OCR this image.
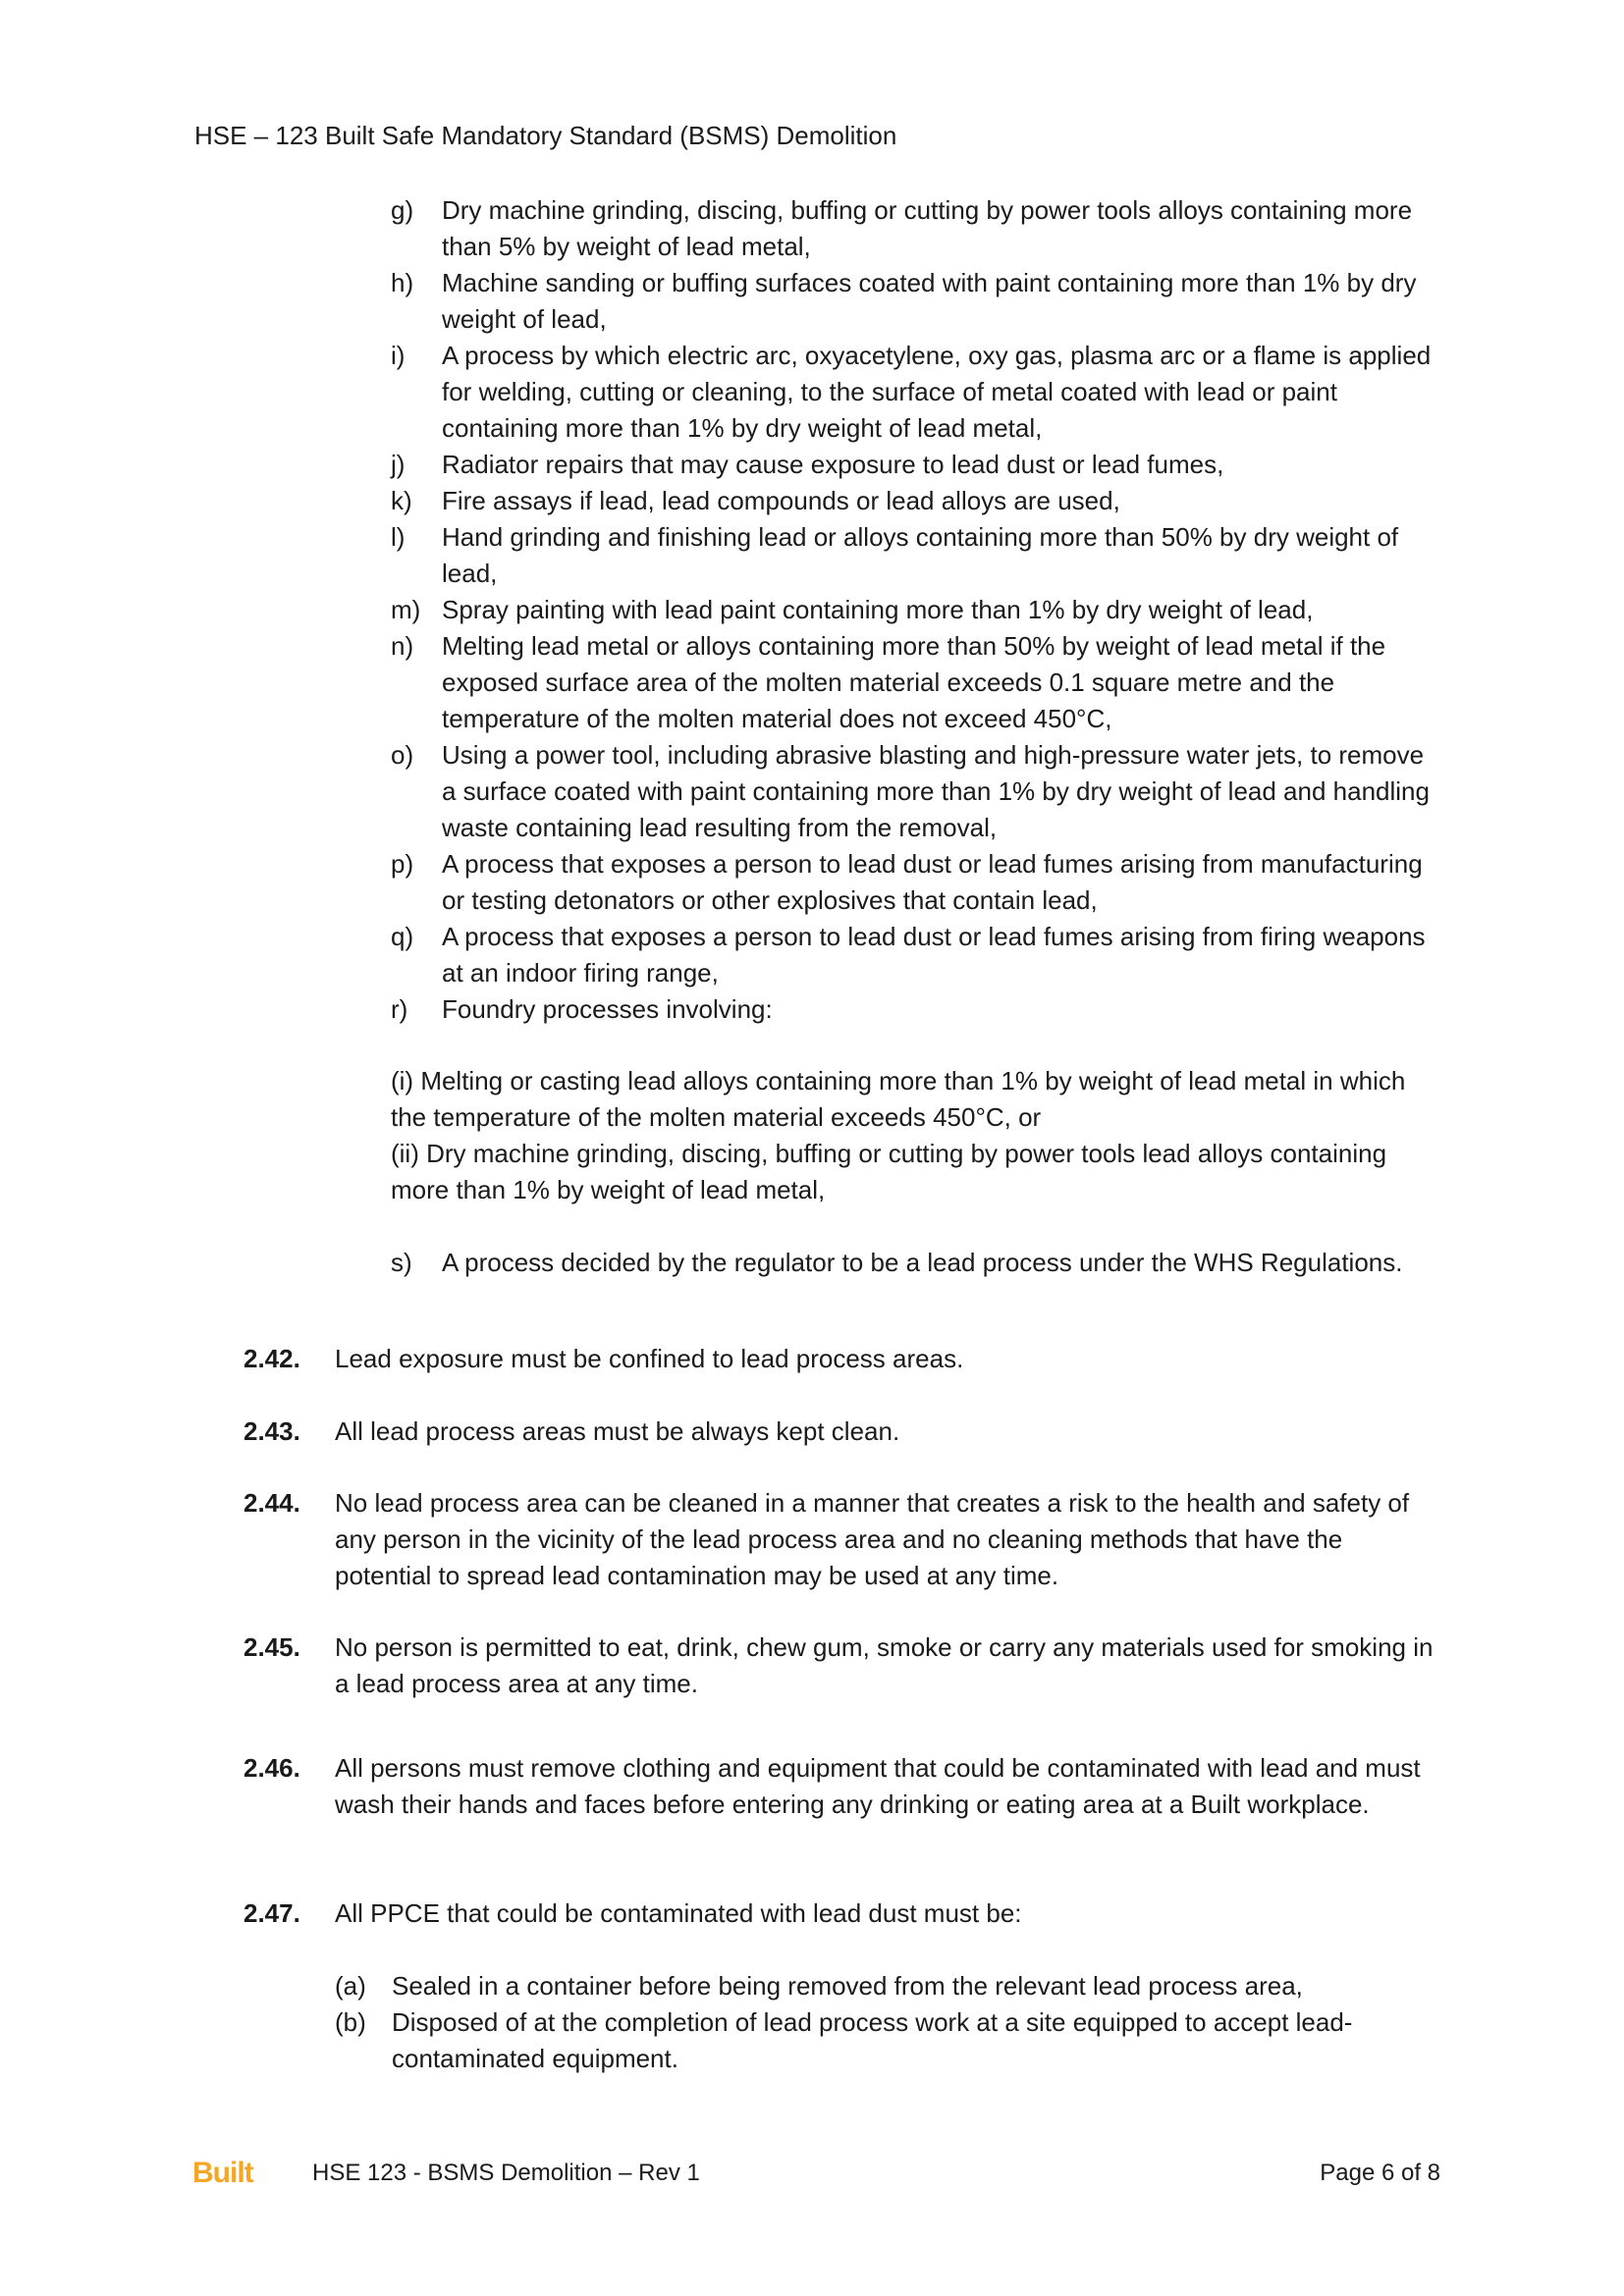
HSE – 123 Built Safe Mandatory Standard (BSMS) Demolition
g)	Dry machine grinding, discing, buffing or cutting by power tools alloys containing more than 5% by weight of lead metal,
h)	Machine sanding or buffing surfaces coated with paint containing more than 1% by dry weight of lead,
i)	A process by which electric arc, oxyacetylene, oxy gas, plasma arc or a flame is applied for welding, cutting or cleaning, to the surface of metal coated with lead or paint containing more than 1% by dry weight of lead metal,
j)	Radiator repairs that may cause exposure to lead dust or lead fumes,
k)	Fire assays if lead, lead compounds or lead alloys are used,
l)	Hand grinding and finishing lead or alloys containing more than 50% by dry weight of lead,
m) Spray painting with lead paint containing more than 1% by dry weight of lead,
n)	Melting lead metal or alloys containing more than 50% by weight of lead metal if the exposed surface area of the molten material exceeds 0.1 square metre and the temperature of the molten material does not exceed 450°C,
o)	Using a power tool, including abrasive blasting and high-pressure water jets, to remove a surface coated with paint containing more than 1% by dry weight of lead and handling waste containing lead resulting from the removal,
p)	A process that exposes a person to lead dust or lead fumes arising from manufacturing or testing detonators or other explosives that contain lead,
q)	A process that exposes a person to lead dust or lead fumes arising from firing weapons at an indoor firing range,
r)	Foundry processes involving:
(i) Melting or casting lead alloys containing more than 1% by weight of lead metal in which the temperature of the molten material exceeds 450°C, or
(ii) Dry machine grinding, discing, buffing or cutting by power tools lead alloys containing more than 1% by weight of lead metal,
s)	A process decided by the regulator to be a lead process under the WHS Regulations.
2.42.	Lead exposure must be confined to lead process areas.
2.43.	All lead process areas must be always kept clean.
2.44.	No lead process area can be cleaned in a manner that creates a risk to the health and safety of any person in the vicinity of the lead process area and no cleaning methods that have the potential to spread lead contamination may be used at any time.
2.45.	No person is permitted to eat, drink, chew gum, smoke or carry any materials used for smoking in a lead process area at any time.
2.46.	All persons must remove clothing and equipment that could be contaminated with lead and must wash their hands and faces before entering any drinking or eating area at a Built workplace.
2.47.	All PPCE that could be contaminated with lead dust must be:
(a)	Sealed in a container before being removed from the relevant lead process area,
(b)	Disposed of at the completion of lead process work at a site equipped to accept lead-contaminated equipment.
Built	HSE 123 - BSMS Demolition – Rev 1	Page 6 of 8
